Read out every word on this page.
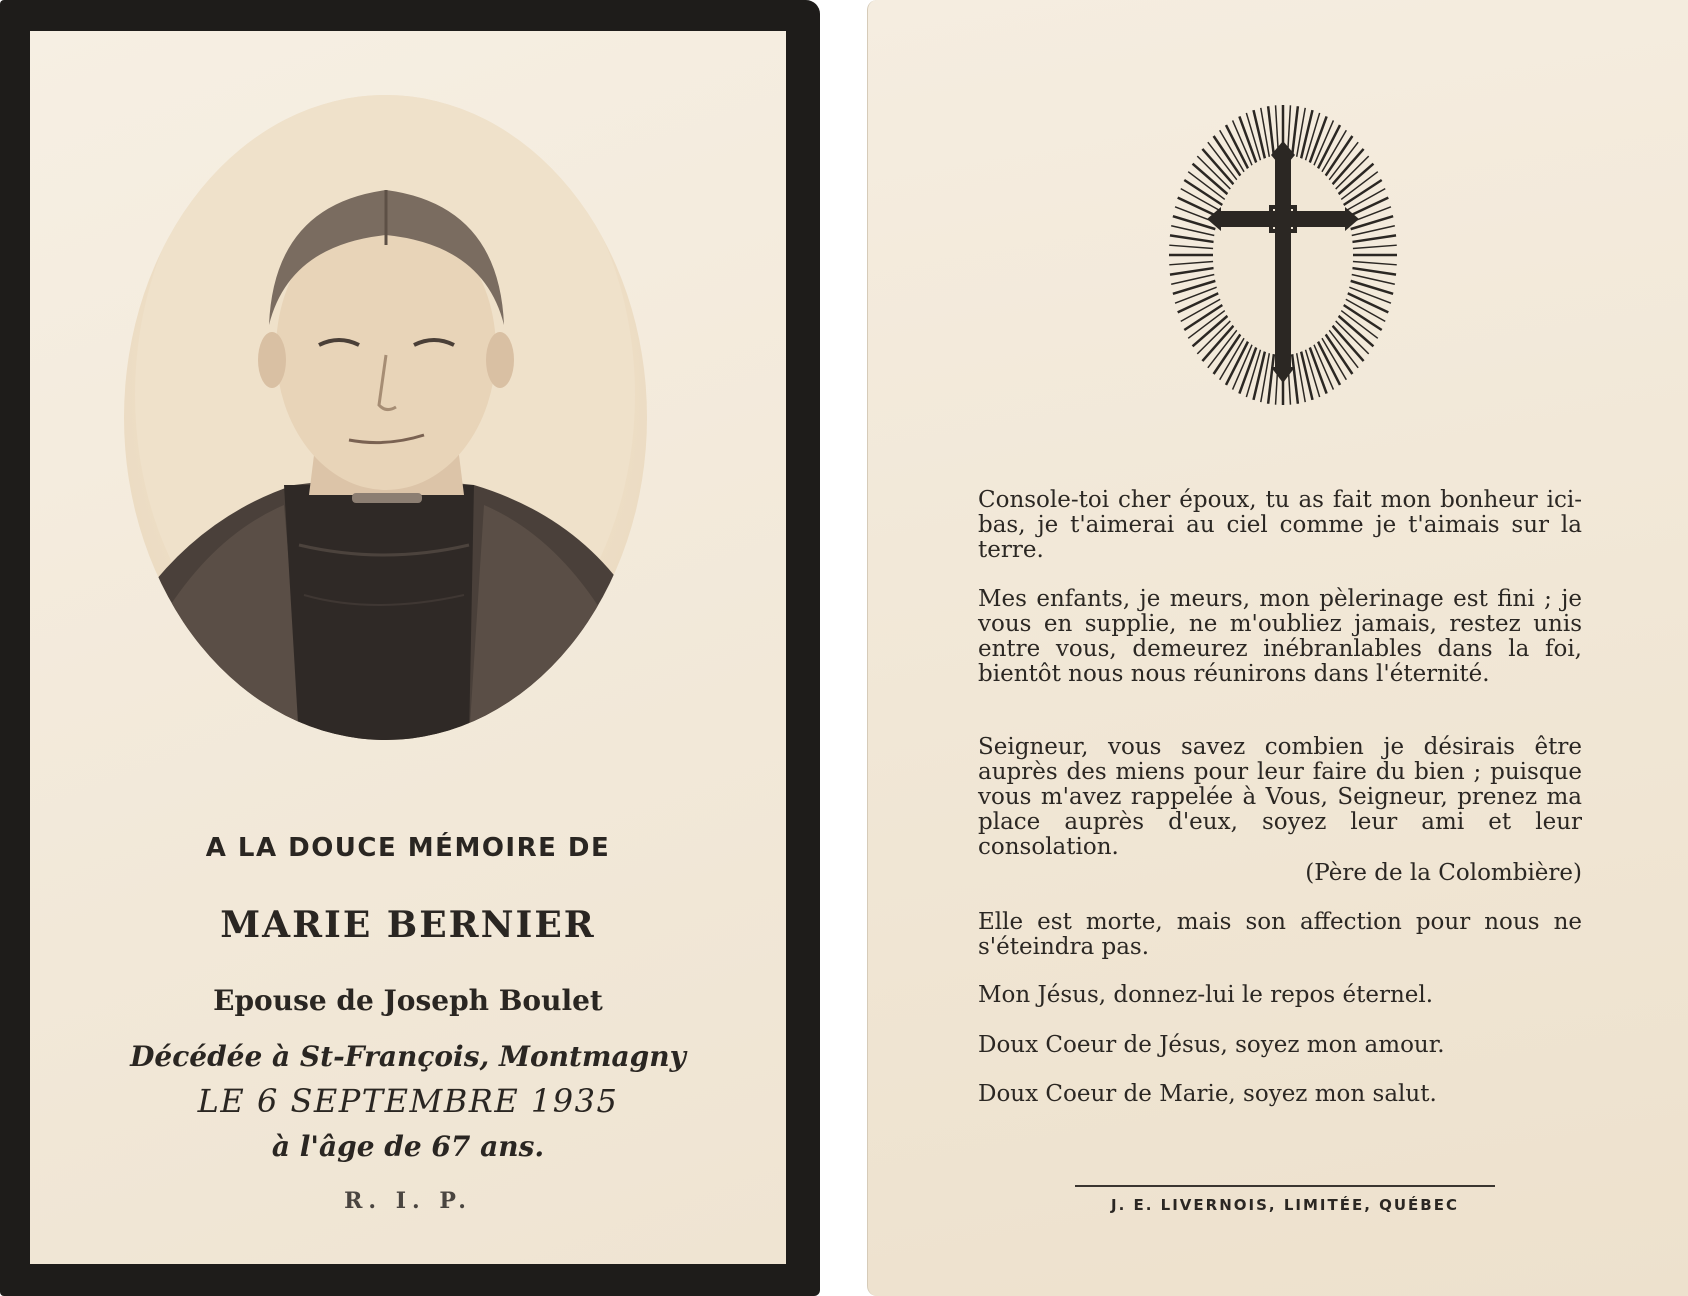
A LA DOUCE MÉMOIRE DE
MARIE BERNIER
Epouse de Joseph Boulet
Décédée à St-François, Montmagny
LE 6 SEPTEMBRE 1935
à l'âge de 67 ans.
R. I. P.

Console-toi cher époux, tu as fait mon bonheur ici-bas, je t'aimerai au ciel comme je t'aimais sur la terre.

Mes enfants, je meurs, mon pèlerinage est fini ; je vous en supplie, ne m'oubliez jamais, restez unis entre vous, demeurez inébranlables dans la foi, bientôt nous nous réunirons dans l'éternité.

Seigneur, vous savez combien je désirais être auprès des miens pour leur faire du bien ; puisque vous m'avez rappelée à Vous, Seigneur, prenez ma place auprès d'eux, soyez leur ami et leur consolation.

(Père de la Colombière)

Elle est morte, mais son affection pour nous ne s'éteindra pas.

Mon Jésus, donnez-lui le repos éternel.
Doux Coeur de Jésus, soyez mon amour.
Doux Coeur de Marie, soyez mon salut.
J. E. LIVERNOIS, LIMITÉE, QUÉBEC
